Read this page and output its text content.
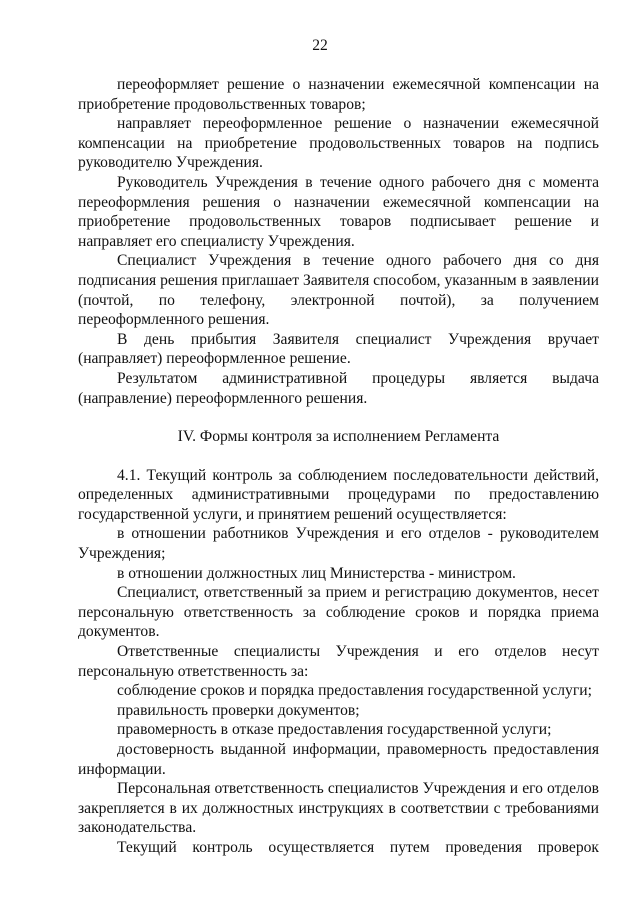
22

переоформляет решение о назначении ежемесячной компенсации на приобретение продовольственных товаров;

направляет переоформленное решение о назначении ежемесячной компенсации на приобретение продовольственных товаров на подпись руководителю Учреждения.

Руководитель Учреждения в течение одного рабочего дня с момента переоформления решения о назначении ежемесячной компенсации на приобретение продовольственных товаров подписывает решение и направляет его специалисту Учреждения.

Специалист Учреждения в течение одного рабочего дня со дня подписания решения приглашает Заявителя способом, указанным в заявлении (почтой, по телефону, электронной почтой), за получением переоформленного решения.

В день прибытия Заявителя специалист Учреждения вручает (направляет) переоформленное решение.

Результатом административной процедуры является выдача (направление) переоформленного решения.

IV. Формы контроля за исполнением Регламента

4.1. Текущий контроль за соблюдением последовательности действий, определенных административными процедурами по предоставлению государственной услуги, и принятием решений осуществляется:

в отношении работников Учреждения и его отделов - руководителем Учреждения;

в отношении должностных лиц Министерства - министром.

Специалист, ответственный за прием и регистрацию документов, несет персональную ответственность за соблюдение сроков и порядка приема документов.

Ответственные специалисты Учреждения и его отделов несут персональную ответственность за:

соблюдение сроков и порядка предоставления государственной услуги;

правильность проверки документов;

правомерность в отказе предоставления государственной услуги;

достоверность выданной информации, правомерность предоставления информации.

Персональная ответственность специалистов Учреждения и его отделов закрепляется в их должностных инструкциях в соответствии с требованиями законодательства.

Текущий контроль осуществляется путем проведения проверок
